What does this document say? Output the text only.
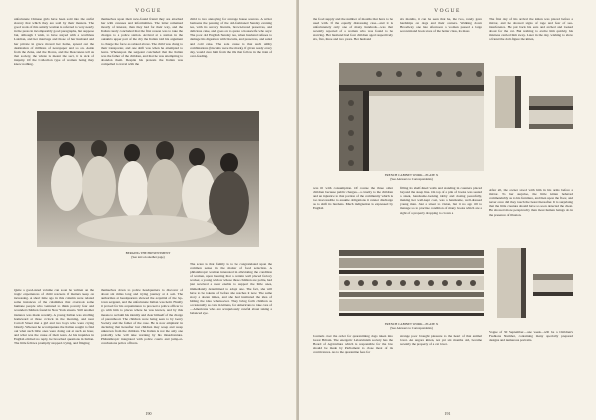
VOGUE
unfortunate Chinese girls have been sold into the awful slavery that which they are sold by their masters. The good work of this saintly woman is referred to very nearly in the press in incomparably good paragraphs, but suppose but, although I wish, to have stayed with a worthless Lalolian, and her marriage and those of her husband and her private in grace moved her home, spread out the destination of millions of newspaper and so on. Aside from the Zeiss, and the Doves, and the Deaconess tell us that society, the whole is meant the sect, it is sick of iniquity. Of the Collection type of women being they know nothing.
themselves upon their new-found friend they are attached her with caresses and informalities. The latter remained mostly of interest, than they had for their way, and the Italian rarely concluded that the first reason was to take the charges to a police station. Arrived at a station in the outskirts upper part of the city the Italian told his argument to charge the force as related above. The child was clung to their transporter, and one shift was when he attempted to leave. Whereupon the sergeant concluded that the Italian was the father of the children, and that he was attempting to abandon them. Despite his protests the Italian was compelled to travel with the
child to two annoying for average house sources. A writer bemoans the passing of the old-fashioned Sunday evening tea, with its savory biscuits, brown-bread preserves, and delicious cake, and goes on to quote a housewife who says: The poor old English Sunday tea, when husband refuses to damage his digestion with biscuits, and preserves, and salad and cold cake. The sole cause is that such utility combinations (biscuits were the mark), if given ready every day, would cure him from the ills that follow in the train of over-feeding.
BERGING THE PRESENTMENT
(See text on another page)
Quite a good-sized volume can soon be written on the tragic experiences of child rescuers if matters keep on increasing. A short time ago in this column were related some instances of the calamities that overtook some humane people who ventured to think poverty fear and wounded children found in New York streets. Still another instance was made recently. A young Italian was strolling homeward at three o'clock in the morning, and near Carroll Street met a girl and two boys who were crying bitterly. Whereat he accompanies the Italian sought to find out what such little ones were doing out at such an hour, and what was the cause of their tears. At his inquiries in English elicited no reply, he broached questions in Italian. The little fellows promptly stopped crying, and flinging
themselves down to police headquarters to discover of about six miles long and trying journey at 4 a.m. The authorities at headquarters showed the acquittal of the 'up-town sergeant, and the unfortunate Italian was held. Finally it proved for his acquaintance to proceed a police officer to go with him to places where he was known, and by this means to reclaim his identity and clear himself of the charge of parenthood. The children were being seen to by Gerry Society and the father of the case. He is now emphatic in declaring that hereafter lost children may weep and weep unknown from the children. The Italian is not the only one probably who will take warning by his misadventure. Philanthropic integrated with police courts and jump-at-conclusions police officers.
The scare is that family is to be congratulated upon the common sense in the matter of food selection. A philanthropic woman interested in alleviating the condition of women, upon hearing that a certain well placed factory worker, a young widow whose three children are polite, had just received a near enable to support the little ones, immediately determined to adopt one. The fact, she will have to be tokens of before she reaches it now. The same story a dozen times, and she had instituted the idea of hitting the idea whatsoever. They bring forth children as occasionally as cats in kittens, for Americans to take care of—Americans who are scrupulously careful about taking a balanced eye.
190
VOGUE
the food supply and the number of mouths that have to be used with. If the equally distressing case—and it is unfortunately only one of many hundreds—was that recently reported of a woman who was found to be starving. Her husband had four children aged respectively six, five, three and two years. Her husband
six months, it can be seen that he, the two, rarely gave hardships on dogs and their owners. Walking down Broadway one late afternoon a woman passed a large second-hand book store of the better class, its mass
The first day of his arrival the kitten was placed before a mirror, and he showed signs of rage and fear of sea-interference. He put back his ears and arched and looked about for the cat. But nothing to excite him quickly, his mistress carried him away. Later in the day, wishing to show a friend the doll-figure the kitten,
FRENCH CABINET WORK—PLATE X
(See Answers to Correspondents)
was ill with consumption. Of course the three older children because public charges—a cruelty to the children and an injustice to that portion of the community which is too inaccessible to assume obligations it cannot discharge as to shift its burdens. Much indignation is expressed by English
filling its shelf-lined walls and standing in counters placed beyond the steep line. On top of a pile of books was seated a sleek, handsome-looking tabby and dozing peacefully, making her well-kept coat, was a handsome, well-dressed young man. Just a street to vision, but it no ago till to manage so to practise condition of many books which are a sight of a property dropping to crown a
After all, the owner stood with him in his arms before a mirror. To her surprise, the little kitten behaved commendably as to his furniture, and then upon the floor, and never once did they touch the beast thereafter. It is surprising that the little creature should have so soon detected the cheat. He showed more perspicacity than most human beings do in the presence of illusion.
FRENCH CABINET WORK—PLATE X
(See Answers to Correspondents)
Journals over the order for quarantining dogs taken into Great Britain. The energetic Lalauvinism society has the Board of Agriculture which is responsible for the law should be made by Parliament to close most of its contrivances. As to the quarantine fees for
strange poor brought pleasure to the heart of that animal lover. An angora kitten, not yet six months old, became recently the property of a cat lover.
Vogue of 30 September—one week—will be a Children's Fashions Number, containing many specially prepared designs and numerous portraits.
191
